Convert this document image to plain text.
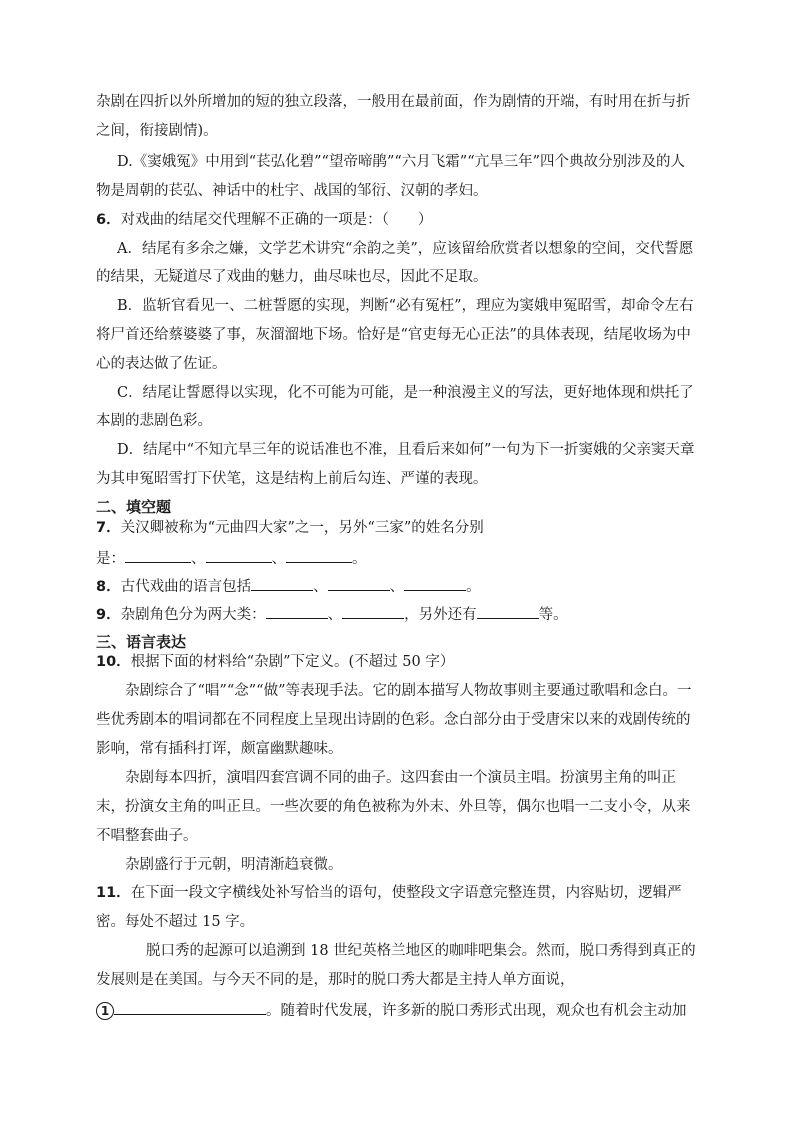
杂剧在四折以外所增加的短的独立段落，一般用在最前面，作为剧情的开端，有时用在折与折
之间，衔接剧情)。
D.《窦娥冤》中用到“苌弘化碧”“望帝啼鹃”“六月飞霜”“亢旱三年”四个典故分别涉及的人
物是周朝的苌弘、神话中的杜宇、战国的邹衍、汉朝的孝妇。
6．对戏曲的结尾交代理解不正确的一项是：（　　）
A．结尾有多余之嫌，文学艺术讲究“余韵之美”，应该留给欣赏者以想象的空间，交代誓愿
的结果，无疑道尽了戏曲的魅力，曲尽味也尽，因此不足取。
B．监斩官看见一、二桩誓愿的实现，判断“必有冤枉”，理应为窦娥申冤昭雪，却命令左右
将尸首还给蔡婆婆了事，灰溜溜地下场。恰好是“官吏每无心正法”的具体表现，结尾收场为中
心的表达做了佐证。
C．结尾让誓愿得以实现，化不可能为可能，是一种浪漫主义的写法，更好地体现和烘托了
本剧的悲剧色彩。
D．结尾中“不知亢旱三年的说话准也不准，且看后来如何”一句为下一折窦娥的父亲窦天章
为其申冤昭雪打下伏笔，这是结构上前后勾连、严谨的表现。
二、填空题
7．关汉卿被称为“元曲四大家”之一，另外“三家”的姓名分别
是：	、	、	。
8．古代戏曲的语言包括	、	、	。
9．杂剧角色分为两大类：	、	，另外还有	等。
三、语言表达
10．根据下面的材料给“杂剧”下定义。(不超过 50 字）
杂剧综合了“唱”“念”“做”等表现手法。它的剧本描写人物故事则主要通过歌唱和念白。一
些优秀剧本的唱词都在不同程度上呈现出诗剧的色彩。念白部分由于受唐宋以来的戏剧传统的
影响，常有插科打诨，颇富幽默趣味。
杂剧每本四折，演唱四套宫调不同的曲子。这四套由一个演员主唱。扮演男主角的叫正
末，扮演女主角的叫正旦。一些次要的角色被称为外末、外旦等，偶尔也唱一二支小令，从来
不唱整套曲子。
杂剧盛行于元朝，明清渐趋衰微。
11．在下面一段文字横线处补写恰当的语句，使整段文字语意完整连贯，内容贴切，逻辑严
密。每处不超过 15 字。
脱口秀的起源可以追溯到 18 世纪英格兰地区的咖啡吧集会。然而，脱口秀得到真正的
发展则是在美国。与今天不同的是，那时的脱口秀大都是主持人单方面说，
1	。随着时代发展，许多新的脱口秀形式出现，观众也有机会主动加
